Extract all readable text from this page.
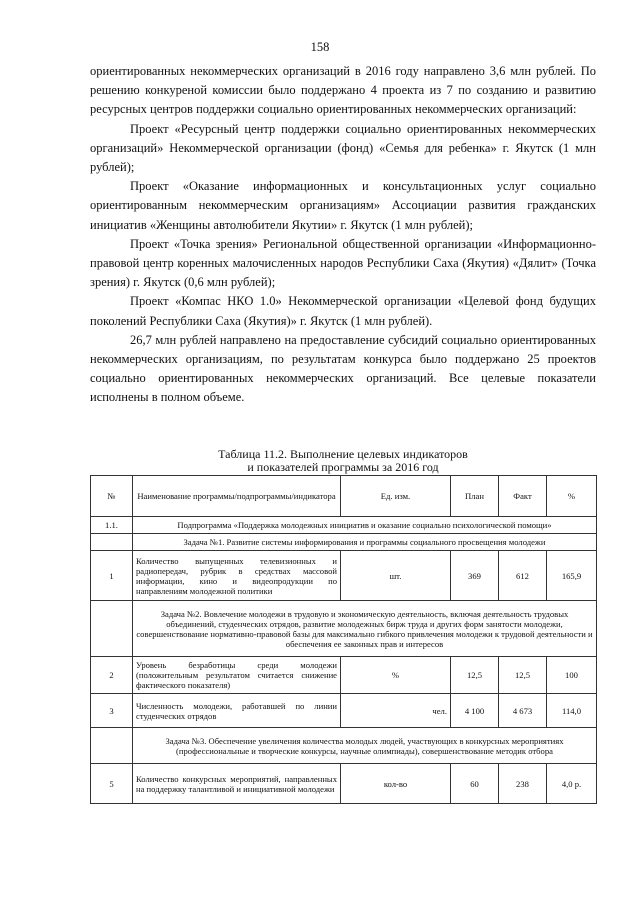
158

ориентированных некоммерческих организаций в 2016 году направлено 3,6 млн рублей. По решению конкуреной комиссии было поддержано 4 проекта из 7 по созданию и развитию ресурсных центров поддержки социально ориентированных некоммерческих организаций:

Проект «Ресурсный центр поддержки социально ориентированных некоммерческих организаций» Некоммерческой организации (фонд) «Семья для ребенка» г. Якутск (1 млн рублей);

Проект «Оказание информационных и консультационных услуг социально ориентированным некоммерческим организациям» Ассоциации развития гражданских инициатив «Женщины автолюбители Якутии» г. Якутск (1 млн рублей);

Проект «Точка зрения» Региональной общественной организации «Информационно-правовой центр коренных малочисленных народов Республики Саха (Якутия) «Дялит» (Точка зрения) г. Якутск (0,6 млн рублей);

Проект «Компас НКО 1.0» Некоммерческой организации «Целевой фонд будущих поколений Республики Саха (Якутия)» г. Якутск (1 млн рублей).

26,7 млн рублей направлено на предоставление субсидий социально ориентированных некоммерческих организациям, по результатам конкурса было поддержано 25 проектов социально ориентированных некоммерческих организаций. Все целевые показатели исполнены в полном объеме.

Таблица 11.2. Выполнение целевых индикаторов
и показателей программы за 2016 год
№	Наименование программы/подпрограммы/индикатора	Ед. изм.	План	Факт	%
1.1.	Подпрограмма «Поддержка молодежных инициатив и оказание социально психологической помощи»				
	Задача №1. Развитие системы информирования и программы социального просвещения молодежи				
1	Количество выпущенных телевизионных и радиопередач, рубрик в средствах массовой информации, кино и видеопродукции по направлениям молодежной политики	шт.	369	612	165,9
	Задача №2. Вовлечение молодежи в трудовую и экономическую деятельность, включая деятельность трудовых объединений, студенческих отрядов, развитие молодежных бирж труда и других форм занятости молодежи, совершенствование нормативно-правовой базы для максимально гибкого привлечения молодежи к трудовой деятельности и обеспечения ее законных прав и интересов				
2	Уровень безработицы среди молодежи (положительным результатом считается снижение фактического показателя)	%	12,5	12,5	100
3	Численность молодежи, работавшей по линии студенческих отрядов	чел.	4 100	4 673	114,0
	Задача №3. Обеспечение увеличения количества молодых людей, участвующих в конкурсных мероприятиях (профессиональные и творческие конкурсы, научные олимпиады), совершенствование методик отбора				
5	Количество конкурсных мероприятий, направленных на поддержку талантливой и инициативной молодежи	кол-во	60	238	4,0 р.
